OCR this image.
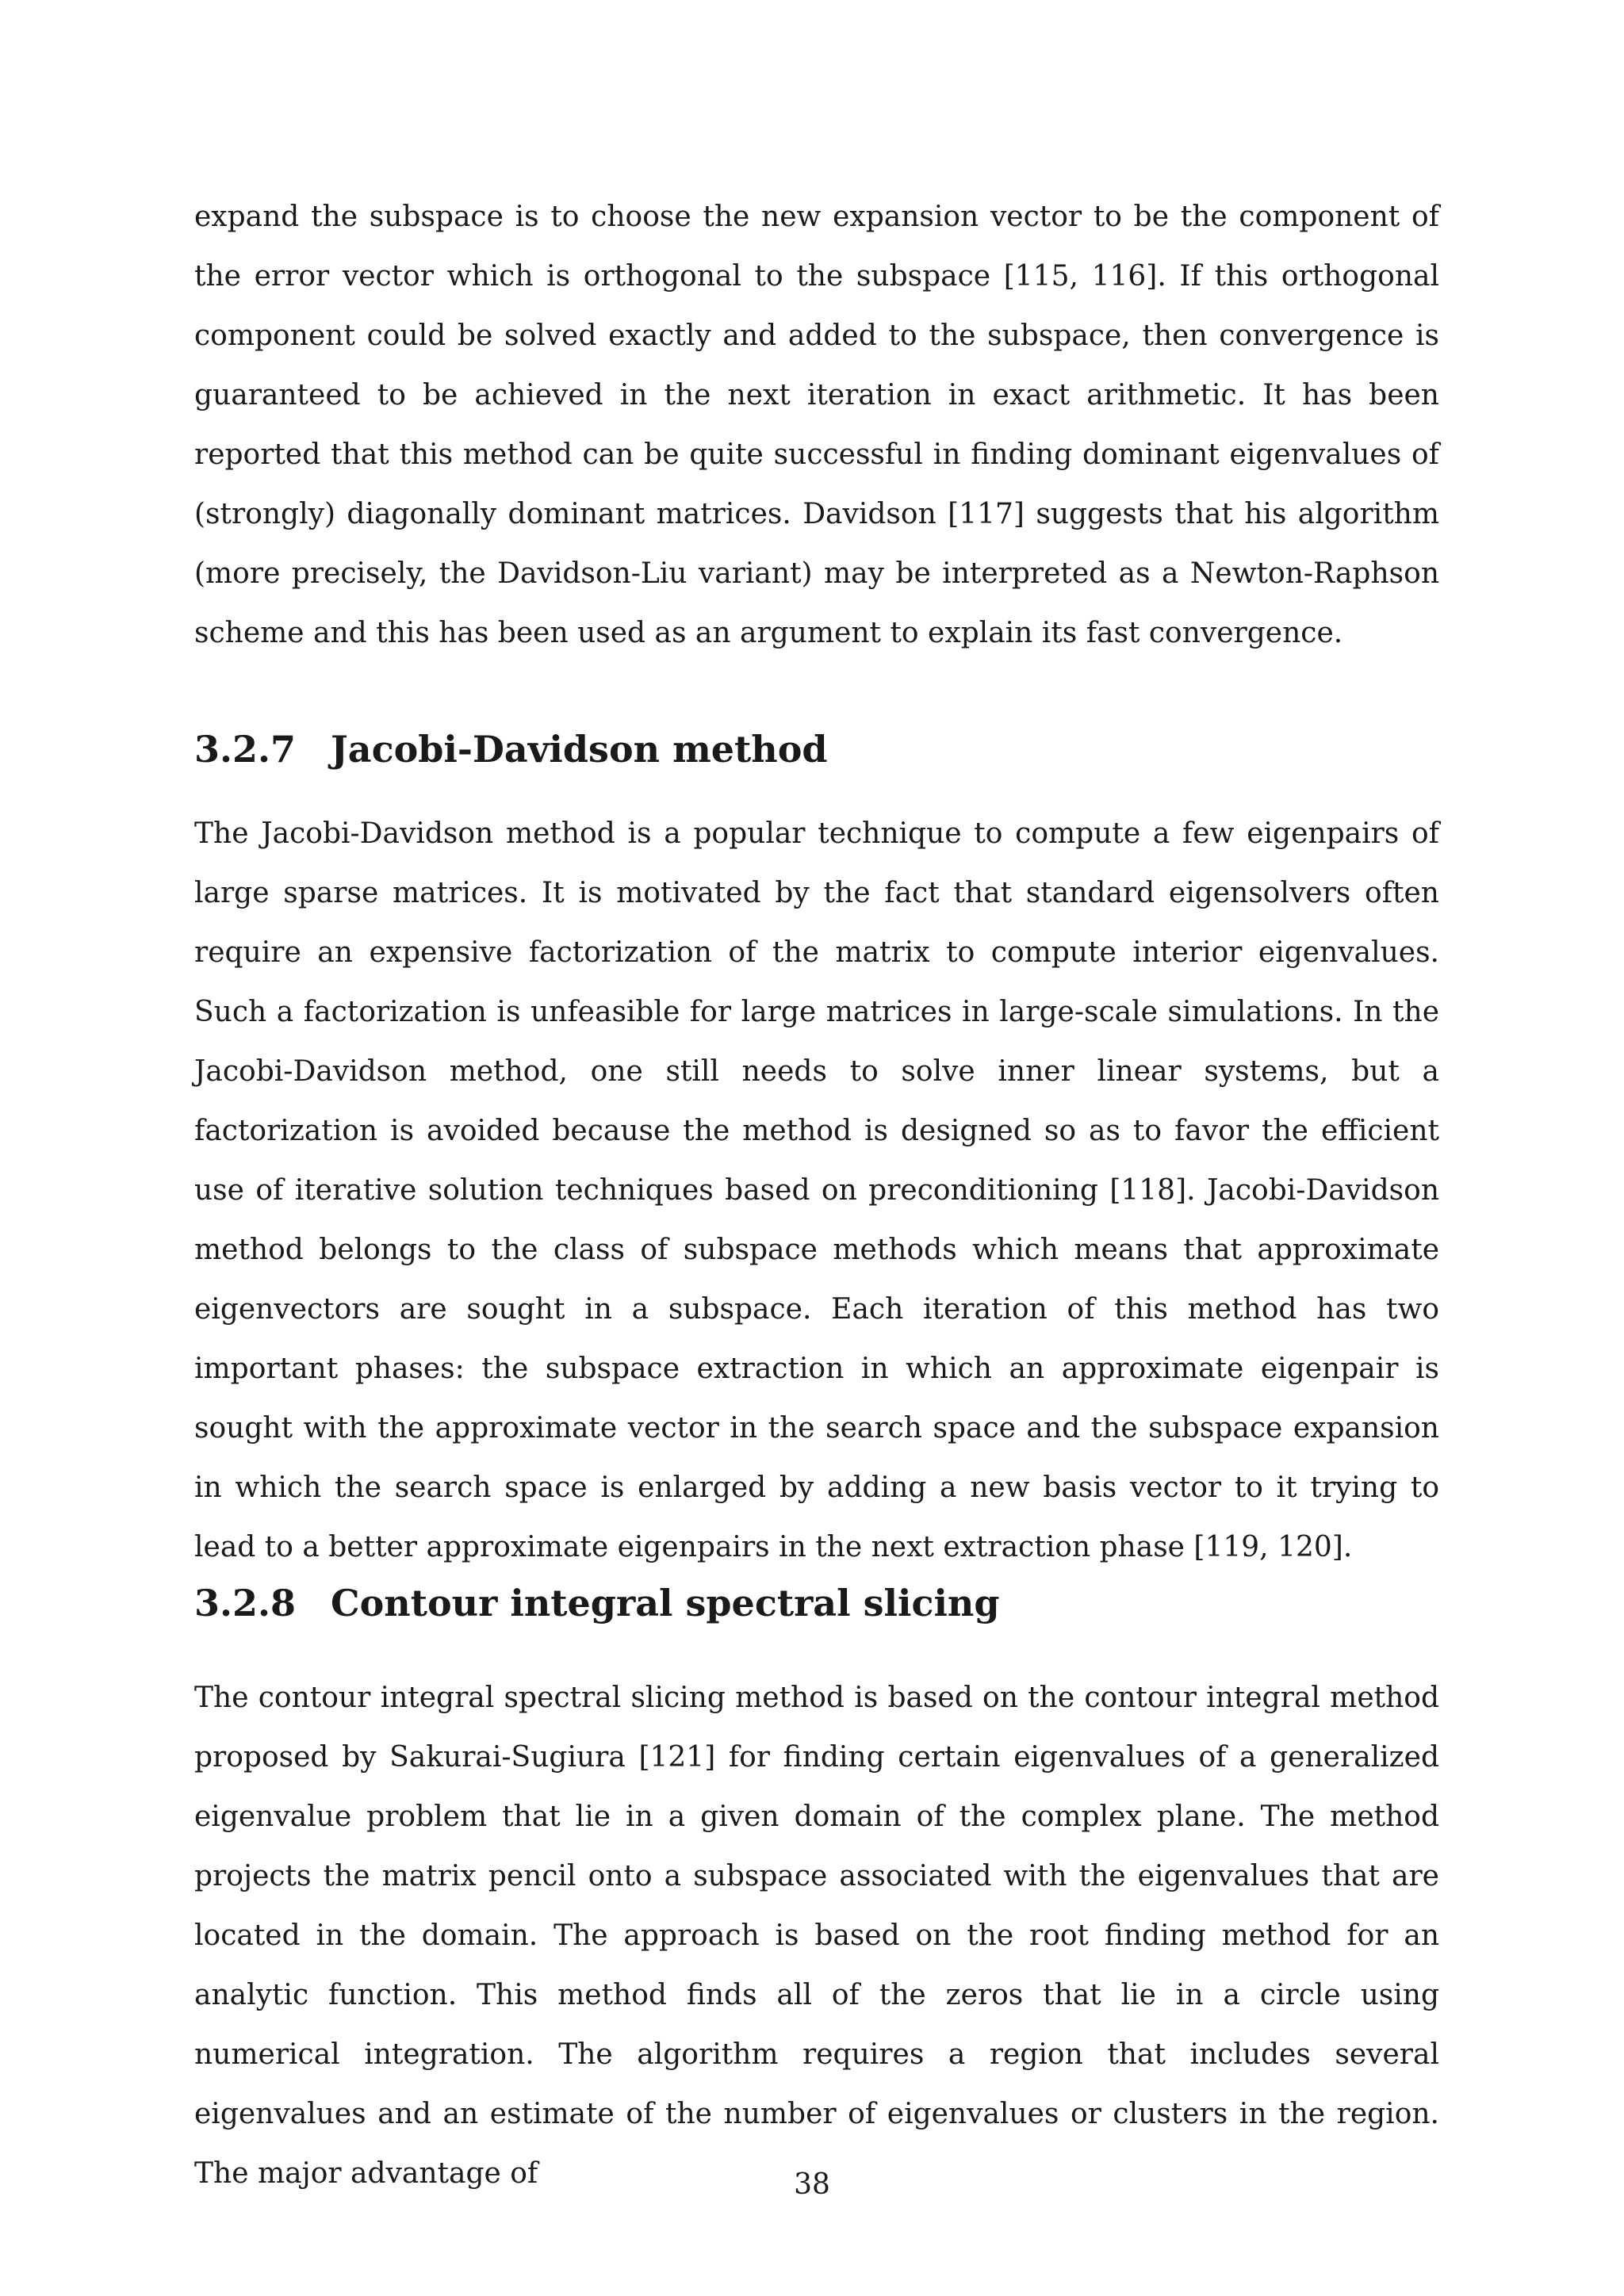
expand the subspace is to choose the new expansion vector to be the component of the error vector which is orthogonal to the subspace [115, 116]. If this orthogonal component could be solved exactly and added to the subspace, then convergence is guaranteed to be achieved in the next iteration in exact arithmetic. It has been reported that this method can be quite successful in finding dominant eigenvalues of (strongly) diagonally dominant matrices. Davidson [117] suggests that his algorithm (more precisely, the Davidson-Liu variant) may be interpreted as a Newton-Raphson scheme and this has been used as an argument to explain its fast convergence.

3.2.7 Jacobi-Davidson method

The Jacobi-Davidson method is a popular technique to compute a few eigenpairs of large sparse matrices. It is motivated by the fact that standard eigensolvers often require an expensive factorization of the matrix to compute interior eigenvalues. Such a factorization is unfeasible for large matrices in large-scale simulations. In the Jacobi-Davidson method, one still needs to solve inner linear systems, but a factorization is avoided because the method is designed so as to favor the efficient use of iterative solution techniques based on preconditioning [118]. Jacobi-Davidson method belongs to the class of subspace methods which means that approximate eigenvectors are sought in a subspace. Each iteration of this method has two important phases: the subspace extraction in which an approximate eigenpair is sought with the approximate vector in the search space and the subspace expansion in which the search space is enlarged by adding a new basis vector to it trying to lead to a better approximate eigenpairs in the next extraction phase [119, 120].

3.2.8 Contour integral spectral slicing

The contour integral spectral slicing method is based on the contour integral method proposed by Sakurai-Sugiura [121] for finding certain eigenvalues of a generalized eigenvalue problem that lie in a given domain of the complex plane. The method projects the matrix pencil onto a subspace associated with the eigenvalues that are located in the domain. The approach is based on the root finding method for an analytic function. This method finds all of the zeros that lie in a circle using numerical integration. The algorithm requires a region that includes several eigenvalues and an estimate of the number of eigenvalues or clusters in the region. The major advantage of	38
